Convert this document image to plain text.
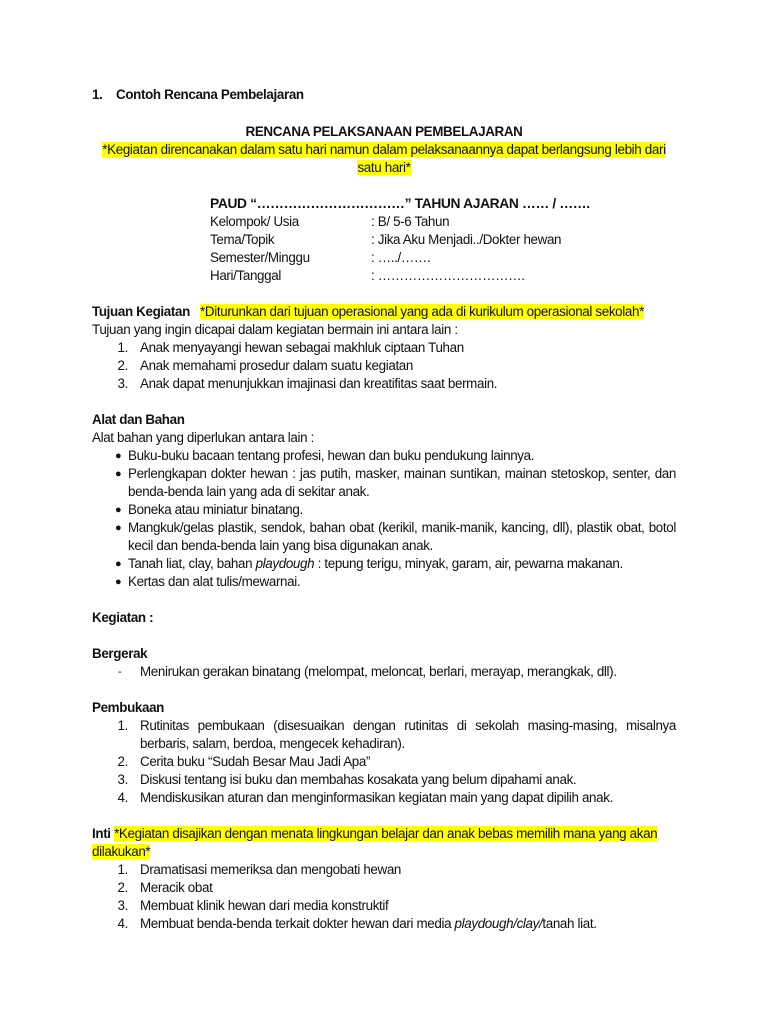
1.	Contoh Rencana Pembelajaran
RENCANA PELAKSANAAN PEMBELAJARAN
*Kegiatan direncanakan dalam satu hari namun dalam pelaksanaannya dapat berlangsung lebih dari satu hari*
PAUD “……………………………” TAHUN AJARAN …… / …….
Kelompok/ Usia	: B/ 5-6 Tahun
Tema/Topik	: Jika Aku Menjadi../Dokter hewan
Semester/Minggu	: …../…….
Hari/Tanggal	: …………………………….
Tujuan Kegiatan *Diturunkan dari tujuan operasional yang ada di kurikulum operasional sekolah*
Tujuan yang ingin dicapai dalam kegiatan bermain ini antara lain :
1. Anak menyayangi hewan sebagai makhluk ciptaan Tuhan
2. Anak memahami prosedur dalam suatu kegiatan
3. Anak dapat menunjukkan imajinasi dan kreatifitas saat bermain.
Alat dan Bahan
Alat bahan yang diperlukan antara lain :
● Buku-buku bacaan tentang profesi, hewan dan buku pendukung lainnya.
● Perlengkapan dokter hewan : jas putih, masker, mainan suntikan, mainan stetoskop, senter, dan benda-benda lain yang ada di sekitar anak.
● Boneka atau miniatur binatang.
● Mangkuk/gelas plastik, sendok, bahan obat (kerikil, manik-manik, kancing, dll), plastik obat, botol kecil dan benda-benda lain yang bisa digunakan anak.
● Tanah liat, clay, bahan playdough : tepung terigu, minyak, garam, air, pewarna makanan.
● Kertas dan alat tulis/mewarnai.
Kegiatan :
Bergerak
-	Menirukan gerakan binatang (melompat, meloncat, berlari, merayap, merangkak, dll).
Pembukaan
1. Rutinitas pembukaan (disesuaikan dengan rutinitas di sekolah masing-masing, misalnya berbaris, salam, berdoa, mengecek kehadiran).
2. Cerita buku “Sudah Besar Mau Jadi Apa”
3. Diskusi tentang isi buku dan membahas kosakata yang belum dipahami anak.
4. Mendiskusikan aturan dan menginformasikan kegiatan main yang dapat dipilih anak.
Inti *Kegiatan disajikan dengan menata lingkungan belajar dan anak bebas memilih mana yang akan dilakukan*
1. Dramatisasi memeriksa dan mengobati hewan
2. Meracik obat
3. Membuat klinik hewan dari media konstruktif
4. Membuat benda-benda terkait dokter hewan dari media playdough/clay/tanah liat.
